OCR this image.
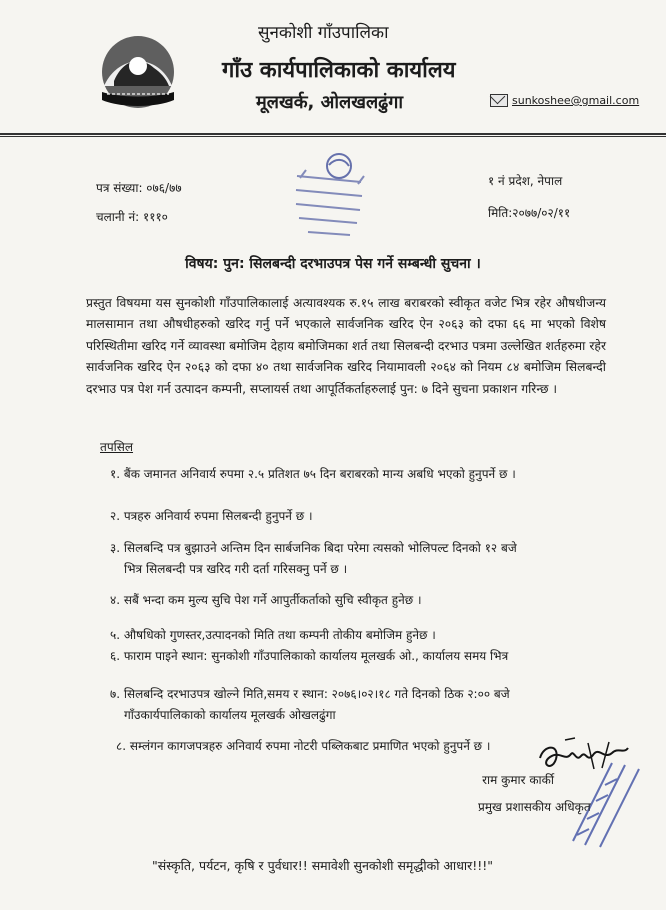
सुनकोशी गाँउपालिका
गाँउ कार्यपालिकाको कार्यालय
मूलखर्क, ओलखलढुंगा	sunkoshee@gmail.com
पत्र संख्या: ०७६/७७
चलानी नं: १११०
१ नं प्रदेश, नेपाल
मिति:२०७७/०२/११
विषय: पुन: सिलबन्दी दरभाउपत्र पेस गर्ने सम्बन्धी सुचना ।
प्रस्तुत विषयमा यस सुनकोशी गाँउपालिकालाई अत्यावश्यक रु.१५ लाख बराबरको स्वीकृत वजेट भित्र रहेर औषधीजन्य मालसामान तथा औषधीहरुको खरिद गर्नु पर्ने भएकाले सार्वजनिक खरिद ऐन २०६३ को दफा ६६ मा भएको विशेष परिस्थितीमा खरिद गर्ने व्यावस्था बमोजिम देहाय बमोजिमका शर्त तथा सिलबन्दी दरभाउ पत्रमा उल्लेखित शर्तहरुमा रहेर सार्वजनिक खरिद ऐन २०६३ को दफा ४० तथा सार्वजनिक खरिद नियामावली २०६४ को नियम ८४ बमोजिम सिलबन्दी दरभाउ पत्र पेश गर्न उत्पादन कम्पनी, सप्लायर्स तथा आपूर्तिकर्ताहरुलाई पुन: ७ दिने सुचना प्रकाशन गरिन्छ ।
तपसिल
१. बैंक जमानत अनिवार्य रुपमा २.५ प्रतिशत ७५ दिन बराबरको मान्य अबधि भएको हुनुपर्ने छ ।
२. पत्रहरु अनिवार्य रुपमा सिलबन्दी हुनुपर्ने छ ।
३. सिलबन्दि पत्र बुझाउने अन्तिम दिन सार्बजनिक बिदा परेमा त्यसको भोलिपल्ट दिनको १२ बजे
भित्र सिलबन्दी पत्र खरिद गरी दर्ता गरिसक्नु पर्ने छ ।
४. सबैं भन्दा कम मुल्य सुचि पेश गर्ने आपुर्तीकर्ताको सुचि स्वीकृत हुनेछ ।
५. औषधिको गुणस्तर,उत्पादनको मिति तथा कम्पनी तोकीय बमोजिम हुनेछ ।
६. फाराम पाइने स्थान: सुनकोशी गाँउपालिकाको कार्यालय मूलखर्क ओ., कार्यालय समय भित्र
७. सिलबन्दि दरभाउपत्र खोल्ने मिति,समय र स्थान: २०७६।०२।१८ गते दिनको ठिक २:०० बजे
गाँउकार्यपालिकाको कार्यालय मूलखर्क ओखलढुंगा
८. सम्लंगन कागजपत्रहरु अनिवार्य रुपमा नोटरी पब्लिकबाट प्रमाणित भएको हुनुपर्ने छ ।
राम कुमार कार्की
प्रमुख प्रशासकीय अधिकृत
"संस्कृति, पर्यटन, कृषि र पुर्वधार!! समावेशी सुनकोशी समृद्धीको आधार!!!"
